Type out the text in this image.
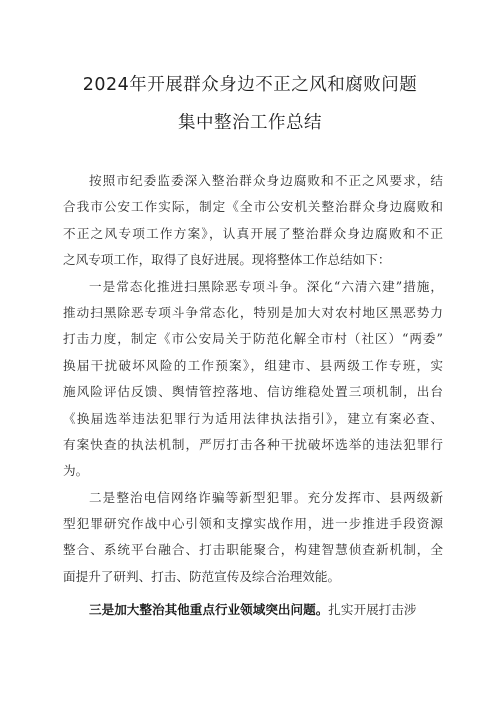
2024年开展群众身边不正之风和腐败问题
集中整治工作总结
按照市纪委监委深入整治群众身边腐败和不正之风要求，结
合我市公安工作实际，制定《全市公安机关整治群众身边腐败和
不正之风专项工作方案》，认真开展了整治群众身边腐败和不正
之风专项工作，取得了良好进展。现将整体工作总结如下：
一是常态化推进扫黑除恶专项斗争。深化“六清六建”措施，
推动扫黑除恶专项斗争常态化，特别是加大对农村地区黑恶势力
打击力度，制定《市公安局关于防范化解全市村（社区）“两委”
换届干扰破坏风险的工作预案》，组建市、县两级工作专班，实
施风险评估反馈、舆情管控落地、信访维稳处置三项机制，出台
《换届选举违法犯罪行为适用法律执法指引》，建立有案必查、
有案快查的执法机制，严厉打击各种干扰破坏选举的违法犯罪行
为。
二是整治电信网络诈骗等新型犯罪。充分发挥市、县两级新
型犯罪研究作战中心引领和支撑实战作用，进一步推进手段资源
整合、系统平台融合、打击职能聚合，构建智慧侦查新机制，全
面提升了研判、打击、防范宣传及综合治理效能。
三是加大整治其他重点行业领域突出问题。扎实开展打击涉
